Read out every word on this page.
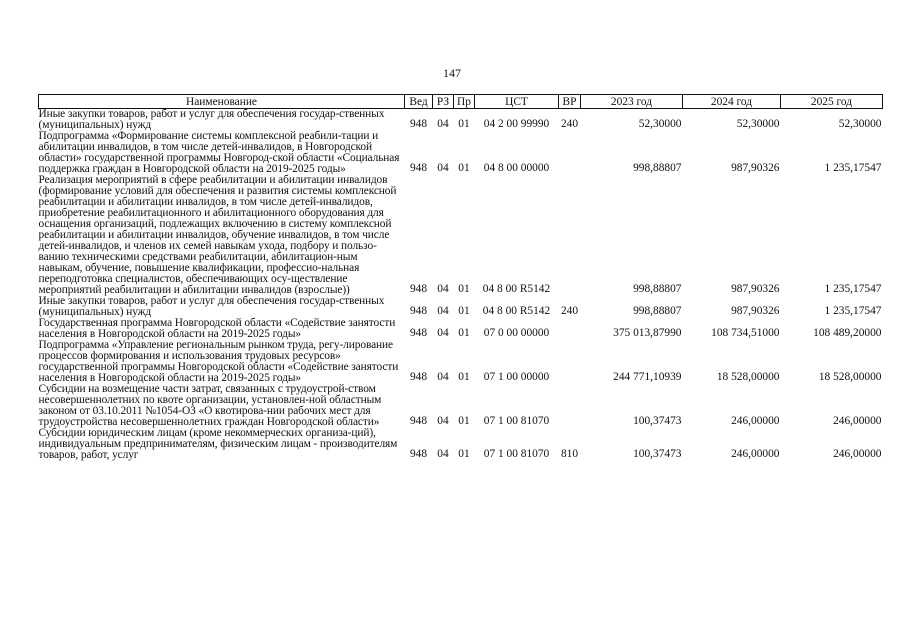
147
Наименование	Вед	РЗ	Пр	ЦСТ	ВР	2023 год	2024 год	2025 год
Иные закупки товаров, работ и услуг для обеспечения государ-ственных (муниципальных) нужд	948	04	01	04 2 00 99990	240	52,30000	52,30000	52,30000
Подпрограмма «Формирование системы комплексной реабили-тации и абилитации инвалидов, в том числе детей-инвалидов, в Новгородской области» государственной программы Новгород-ской области «Социальная поддержка граждан в Новгородской области на 2019-2025 годы»	948	04	01	04 8 00 00000		998,88807	987,90326	1 235,17547
Реализация мероприятий в сфере реабилитации и абилитации инвалидов (формирование условий для обеспечения и развития системы комплексной реабилитации и абилитации инвалидов, в том числе детей-инвалидов, приобретение реабилитационного и абилитационного оборудования для оснащения организаций, подлежащих включению в систему комплексной реабилитации и абилитации инвалидов, обучение инвалидов, в том числе детей-инвалидов, и членов их семей навыкам ухода, подбору и пользо-ванию техническими средствами реабилитации, абилитацион-ным навыкам, обучение, повышение квалификации, профессио-нальная переподготовка специалистов, обеспечивающих осу-ществление мероприятий реабилитации и абилитации инвалидов (взрослые))	948	04	01	04 8 00 R5142		998,88807	987,90326	1 235,17547
Иные закупки товаров, работ и услуг для обеспечения государ-ственных (муниципальных) нужд	948	04	01	04 8 00 R5142	240	998,88807	987,90326	1 235,17547
Государственная программа Новгородской области «Содействие занятости населения в Новгородской области на 2019-2025 годы»	948	04	01	07 0 00 00000		375 013,87990	108 734,51000	108 489,20000
Подпрограмма «Управление региональным рынком труда, регу-лирование процессов формирования и использования трудовых ресурсов» государственной программы Новгородской области «Содействие занятости населения в Новгородской области на 2019-2025 годы»	948	04	01	07 1 00 00000		244 771,10939	18 528,00000	18 528,00000
Субсидии на возмещение части затрат, связанных с трудоустрой-ством несовершеннолетних по квоте организации, установлен-ной областным законом от 03.10.2011 №1054-ОЗ «О квотирова-нии рабочих мест для трудоустройства несовершеннолетних граждан Новгородской области»	948	04	01	07 1 00 81070		100,37473	246,00000	246,00000
Субсидии юридическим лицам (кроме некоммерческих организа-ций), индивидуальным предпринимателям, физическим лицам - производителям товаров, работ, услуг	948	04	01	07 1 00 81070	810	100,37473	246,00000	246,00000
